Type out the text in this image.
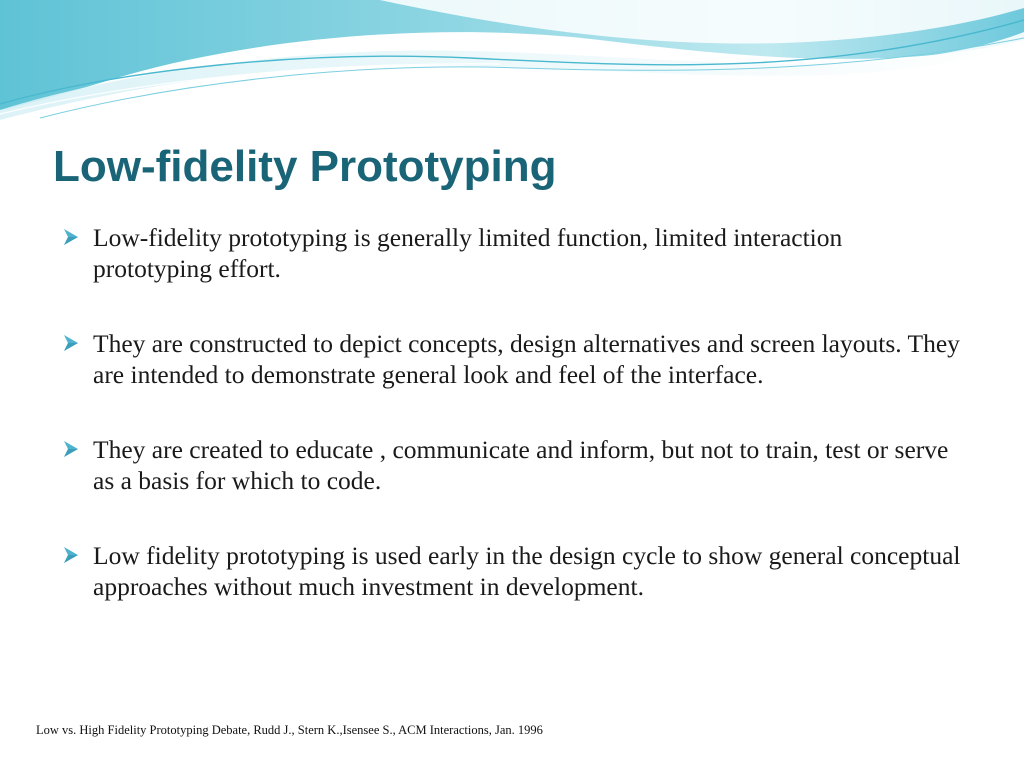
Low-fidelity Prototyping
Low-fidelity prototyping is generally limited function, limited interaction prototyping effort.
They are constructed to depict concepts, design alternatives and screen layouts. They are intended to demonstrate general look and feel of the interface.
They are created to educate , communicate and inform, but not to train, test or serve as a basis for which to code.
Low fidelity prototyping is used early in the design cycle to show general conceptual approaches without much investment in development.
Low vs. High Fidelity Prototyping Debate, Rudd J., Stern K.,Isensee S., ACM Interactions, Jan. 1996
